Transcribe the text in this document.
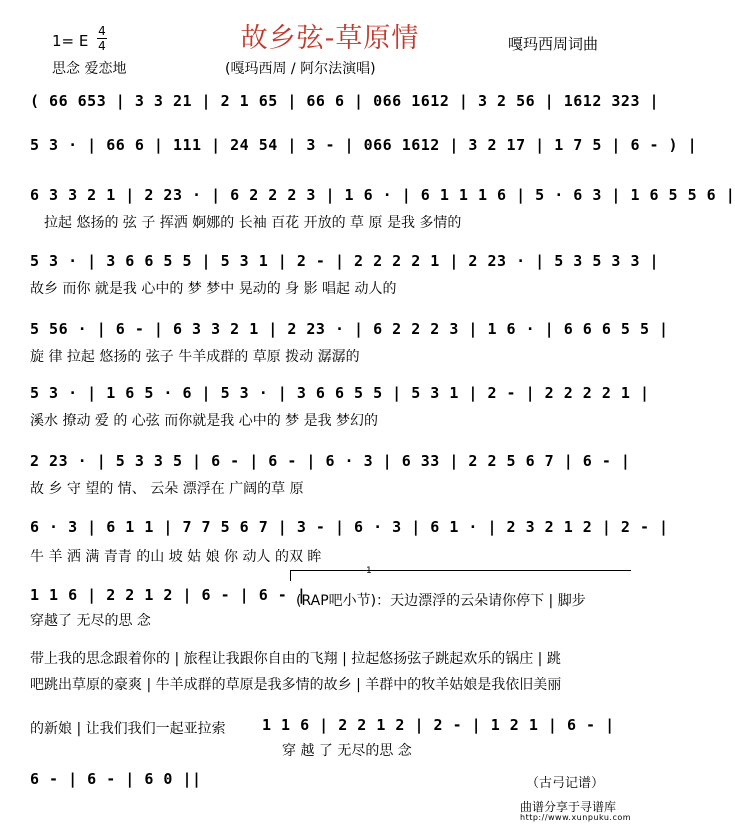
故乡弦-草原情
1= E
4
4	嘎玛西周词曲
思念 爱恋地	(嘎玛西周 / 阿尔法演唱)
( 66 653 | 3 3 21 | 2 1 65 | 66 6 | 066 1612 | 3 2 56 | 1612 323 |
5 3 · | 66 6 | 111 | 24 54 | 3 - | 066 1612 | 3 2 17 | 1 7 5 | 6 - ) |
6 3 3 2 1 | 2 23 · | 6 2 2 2 3 | 1 6 · | 6 1 1 1 6 | 5 · 6 3 | 1 6 5 5 6 |
拉起 悠扬的 弦 子 挥洒 婀娜的 长袖 百花 开放的 草 原 是我 多情的
5 3 · | 3 6 6 5 5 | 5 3 1 | 2 - | 2 2 2 2 1 | 2 23 · | 5 3 5 3 3 |
故乡 而你 就是我 心中的 梦 梦中 晃动的 身 影 唱起 动人的
5 56 · | 6 - | 6 3 3 2 1 | 2 23 · | 6 2 2 2 3 | 1 6 · | 6 6 6 5 5 |
旋 律 拉起 悠扬的 弦子 牛羊成群的 草原 拨动 潺潺的
5 3 · | 1 6 5 · 6 | 5 3 · | 3 6 6 5 5 | 5 3 1 | 2 - | 2 2 2 2 1 |
溪水 撩动 爱 的 心弦 而你就是我 心中的 梦 是我 梦幻的
2 23 · | 5 3 3 5 | 6 - | 6 - | 6 · 3 | 6 33 | 2 2 5 6 7 | 6 - |
故 乡 守 望的 情、 云朵 漂浮在 广阔的草 原
6 · 3 | 6 1 1 | 7 7 5 6 7 | 3 - | 6 · 3 | 6 1 · | 2 3 2 1 2 | 2 - |
牛 羊 洒 满 青青 的山 坡 姑 娘 你 动人 的双 眸
1 1 6 | 2 2 1 2 | 6 - | 6 - |
穿越了 无尽的思 念
1
(RAP吧小节)：天边漂浮的云朵请你停下 | 脚步
带上我的思念跟着你的 | 旅程让我跟你自由的飞翔 | 拉起悠扬弦子跳起欢乐的锅庄 | 跳
吧跳出草原的豪爽 | 牛羊成群的草原是我多情的故乡 | 羊群中的牧羊姑娘是我依旧美丽
的新娘 | 让我们我们一起亚拉索 1 1 6 | 2 2 1 2 | 2 - | 1 2 1 | 6 - |
穿 越 了 无尽的思 念
6 - | 6 - | 6 0 ||	（古弓记谱）
曲谱分享于寻谱库
http://www.xunpuku.com
